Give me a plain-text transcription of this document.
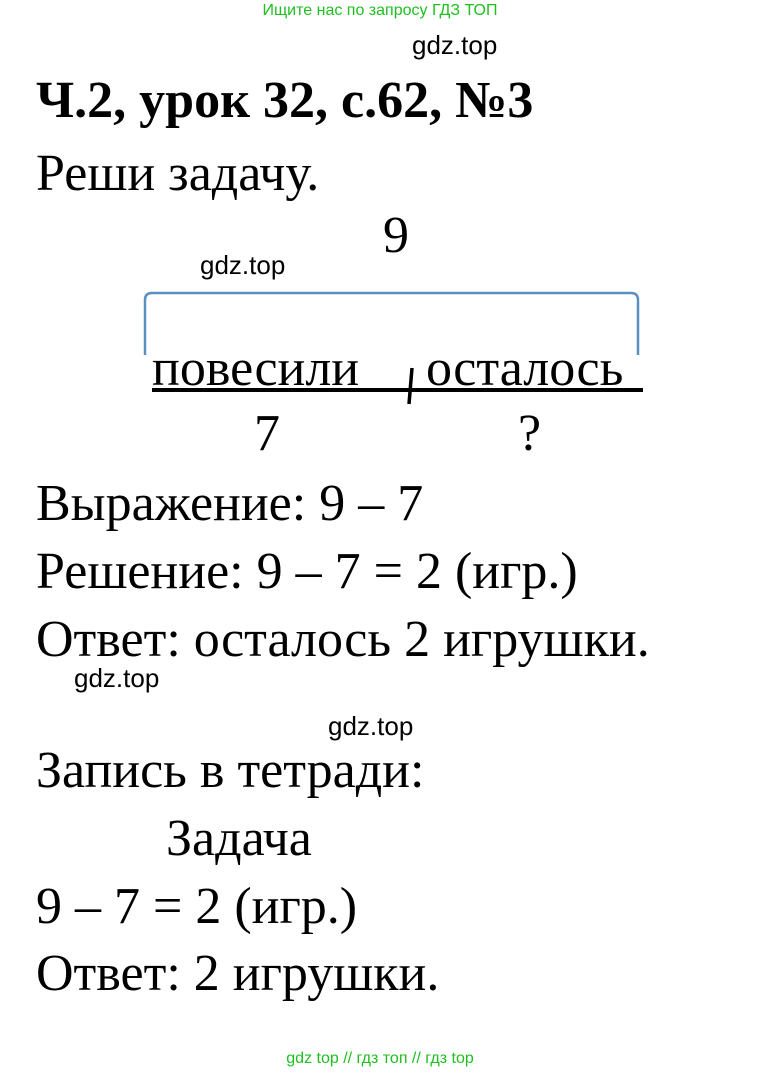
Ищите нас по запросу ГДЗ ТОП
gdz.top
Ч.2, урок 32, с.62, №3
Реши задачу.
9
gdz.top
повесили осталось
7	?
Выражение: 9 – 7
Решение: 9 – 7 = 2 (игр.)
Ответ: осталось 2 игрушки.
gdz.top
gdz.top
Запись в тетради:
Задача
9 – 7 = 2 (игр.)
Ответ: 2 игрушки.
gdz top // гдз топ // гдз top
